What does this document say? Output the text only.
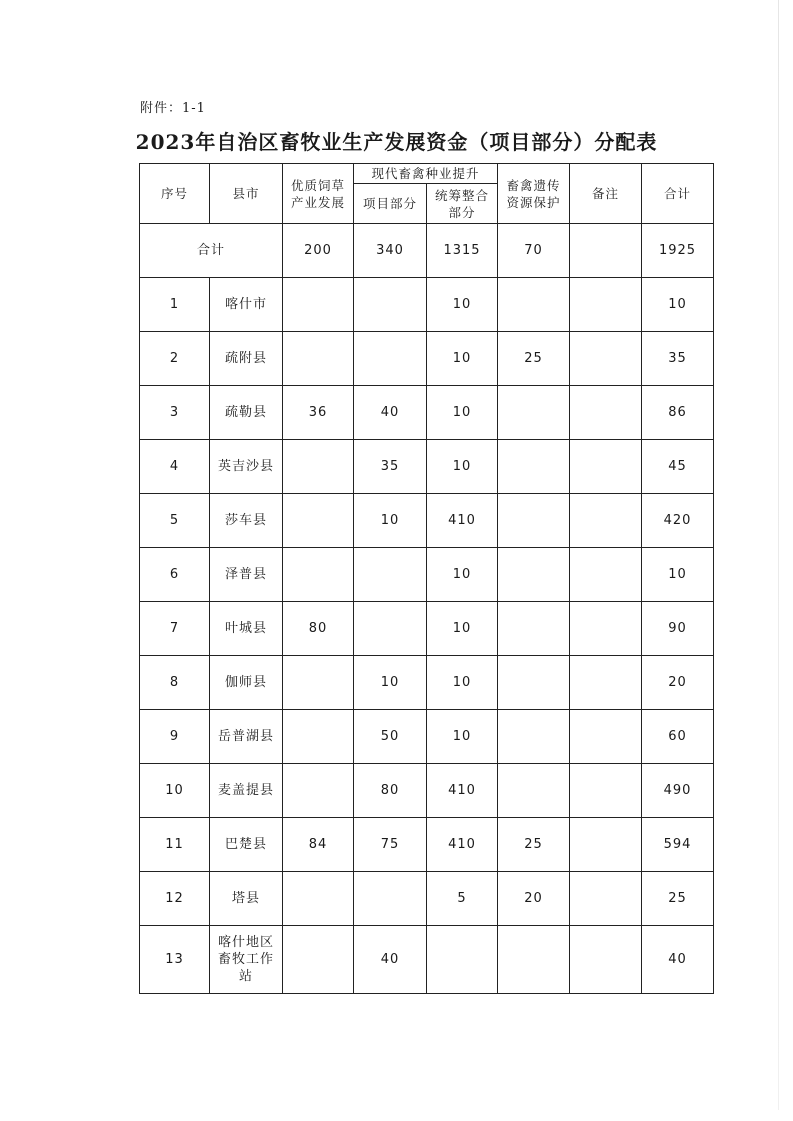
附件：1-1
2023年自治区畜牧业生产发展资金（项目部分）分配表
序号	县市	优质饲草产业发展	现代畜禽种业提升		畜禽遗传资源保护	备注	合计
			项目部分	统筹整合部分			

合计		200	340	1315	70		1925
1	喀什市			10			10
2	疏附县			10	25		35
3	疏勒县	36	40	10			86
4	英吉沙县		35	10			45
5	莎车县		10	410			420
6	泽普县			10			10
7	叶城县	80		10			90
8	伽师县		10	10			20
9	岳普湖县		50	10			60
10	麦盖提县		80	410			490
11	巴楚县	84	75	410	25		594
12	塔县			5	20		25
13	喀什地区畜牧工作站		40				40
